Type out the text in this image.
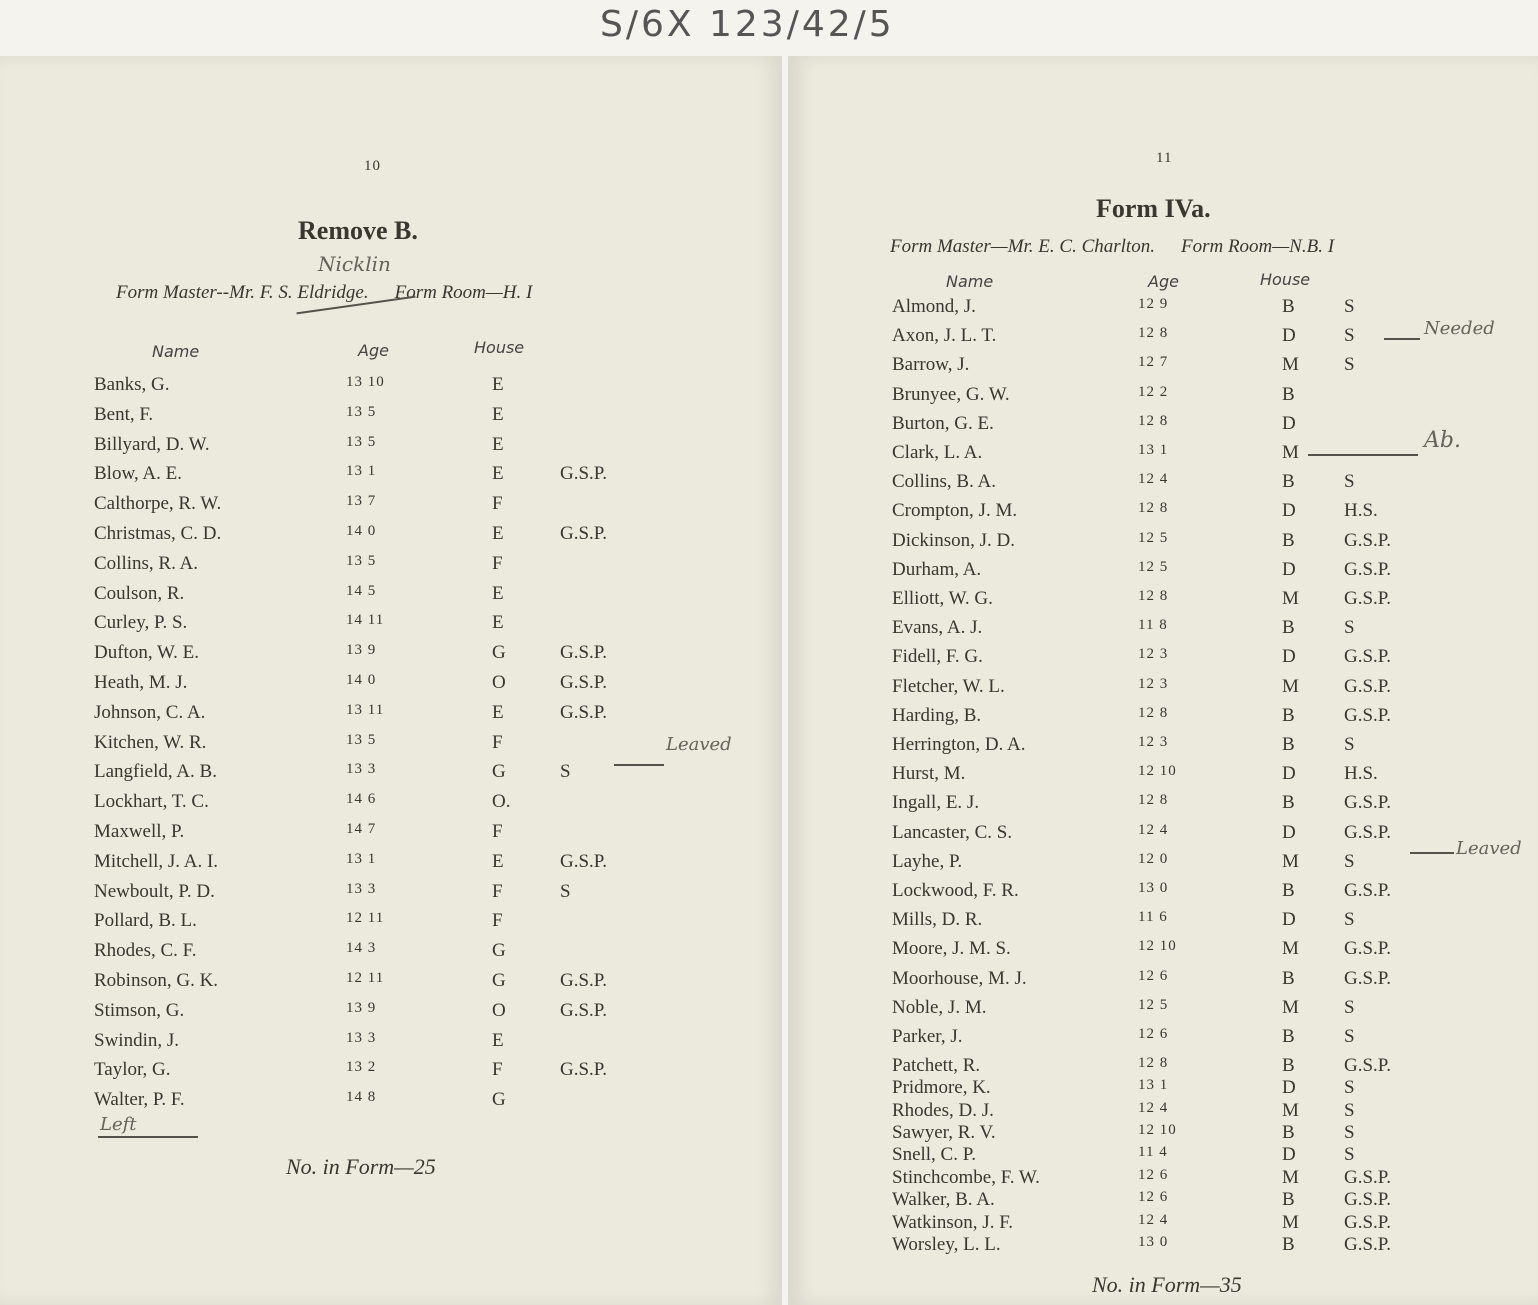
S/6X 123/42/5
10
Remove B.
Nicklin
Form Master--Mr. F. S. Eldridge. Form Room—H. I
Name	Age	House
Banks, G.	13 10	E
Bent, F.	13 5	E
Billyard, D. W.	13 5	E
Blow, A. E.	13 1	E	G.S.P.
Calthorpe, R. W.	13 7	F
Christmas, C. D.	14 0	E	G.S.P.
Collins, R. A.	13 5	F
Coulson, R.	14 5	E
Curley, P. S.	14 11	E
Dufton, W. E.	13 9	G	G.S.P.
Heath, M. J.	14 0	O	G.S.P.
Johnson, C. A.	13 11	E	G.S.P.
Kitchen, W. R.	13 5	F
Langfield, A. B.	13 3	G	S
Lockhart, T. C.	14 6	O.
Maxwell, P.	14 7	F
Mitchell, J. A. I.	13 1	E	G.S.P.
Newboult, P. D.	13 3	F	S
Pollard, B. L.	12 11	F
Rhodes, C. F.	14 3	G
Robinson, G. K.	12 11	G	G.S.P.
Stimson, G.	13 9	O	G.S.P.
Swindin, J.	13 3	E
Taylor, G.	13 2	F	G.S.P.
Walter, P. F.	14 8	G
Leaved
Left
No. in Form—25
11
Form IVa.
Form Master—Mr. E. C. Charlton. Form Room—N.B. I
Name	Age	House
Almond, J.	12 9	B	S
Axon, J. L. T.	12 8	D	S
Barrow, J.	12 7	M S
Brunyee, G. W.	12 2	B
Burton, G. E.	12 8	D
Clark, L. A.	13 1	M
Collins, B. A.	12 4	B	S
Crompton, J. M.	12 8	D	H.S.
Dickinson, J. D.	12 5	B	G.S.P.
Durham, A.	12 5	D	G.S.P.
Elliott, W. G.	12 8	M G.S.P.
Evans, A. J.	11 8	B	S
Fidell, F. G.	12 3	D	G.S.P.
Fletcher, W. L.	12 3	M G.S.P.
Harding, B.	12 8	B	G.S.P.
Herrington, D. A.	12 3	B	S
Hurst, M.	12 10	D	H.S.
Ingall, E. J.	12 8	B	G.S.P.
Lancaster, C. S.	12 4	D	G.S.P.
Layhe, P.	12 0	M S
Lockwood, F. R.	13 0	B	G.S.P.
Mills, D. R.	11 6	D	S
Moore, J. M. S.	12 10	M G.S.P.
Moorhouse, M. J.	12 6	B	G.S.P.
Noble, J. M.	12 5	M S
Parker, J.	12 6	B	S
Patchett, R.	12 8	B	G.S.P.
Pridmore, K.	13 1	D	S
Rhodes, D. J.	12 4	M S
Sawyer, R. V.	12 10	B	S
Snell, C. P.	11 4	D	S
Stinchcombe, F. W.	12 6	M G.S.P.
Walker, B. A.	12 6	B	G.S.P.
Watkinson, J. F.	12 4	M G.S.P.
Worsley, L. L.	13 0	B	G.S.P.
Needed
Ab.
Leaved
No. in Form—35
